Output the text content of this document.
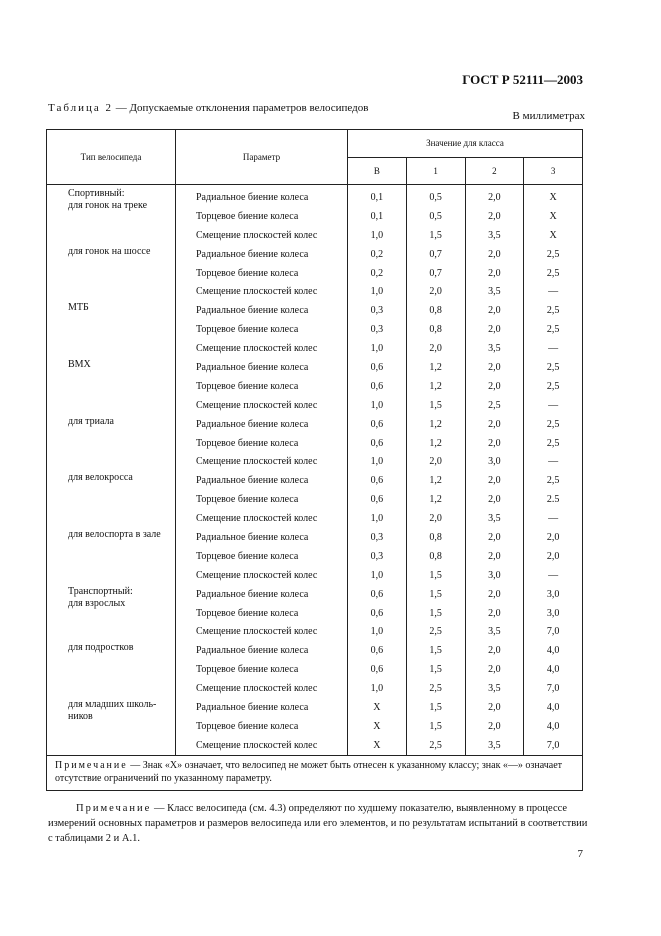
ГОСТ Р 52111—2003
Таблица 2 — Допускаемые отклонения параметров велосипедов
В миллиметрах
Тип велосипеда	Параметр	Значение для класса			
		В	1	2	3

Спортивный:
для гонок на треке	Радиальное биение колеса	0,1	0,5	2,0	X
	Торцевое биение колеса	0,1	0,5	2,0	X
	Смещение плоскостей колес	1,0	1,5	3,5	X

для гонок на шоссе	Радиальное биение колеса	0,2	0,7	2,0	2,5
	Торцевое биение колеса	0,2	0,7	2,0	2,5
	Смещение плоскостей колес	1,0	2,0	3,5	—

МТБ	Радиальное биение колеса	0,3	0,8	2,0	2,5
	Торцевое биение колеса	0,3	0,8	2,0	2,5
	Смещение плоскостей колес	1,0	2,0	3,5	—

ВМХ	Радиальное биение колеса	0,6	1,2	2,0	2,5
	Торцевое биение колеса	0,6	1,2	2,0	2,5
	Смещение плоскостей колес	1,0	1,5	2,5	—

для триала	Радиальное биение колеса	0,6	1,2	2,0	2,5
	Торцевое биение колеса	0,6	1,2	2,0	2,5
	Смещение плоскостей колес	1,0	2,0	3,0	—

для велокросса	Радиальное биение колеса	0,6	1,2	2,0	2,5
	Торцевое биение колеса	0,6	1,2	2,0	2.5
	Смещение плоскостей колес	1,0	2,0	3,5	—

для велоспорта в зале	Радиальное биение колеса	0,3	0,8	2,0	2,0
	Торцевое биение колеса	0,3	0,8	2,0	2,0
	Смещение плоскостей колес	1,0	1,5	3,0	—

Транспортный:
для взрослых	Радиальное биение колеса	0,6	1,5	2,0	3,0
	Торцевое биение колеса	0,6	1,5	2,0	3,0
	Смещение плоскостей колес	1,0	2,5	3,5	7,0

для подростков	Радиальное биение колеса	0,6	1,5	2,0	4,0
	Торцевое биение колеса	0,6	1,5	2,0	4,0
	Смещение плоскостей колес	1,0	2,5	3,5	7,0

для младших школь-
ников	Радиальное биение колеса	X	1,5	2,0	4,0
	Торцевое биение колеса	X	1,5	2,0	4,0
	Смещение плоскостей колес	X	2,5	3,5	7,0
Примечание — Знак «X» означает, что велосипед не может быть отнесен к указанному классу; знак «—» означает отсутствие ограничений по указанному параметру.					
Примечание — Класс велосипеда (см. 4.3) определяют по худшему показателю, выявленному в процессе измерений основных параметров и размеров велосипеда или его элементов, и по результатам испытаний в соответствии с таблицами 2 и А.1.
7
